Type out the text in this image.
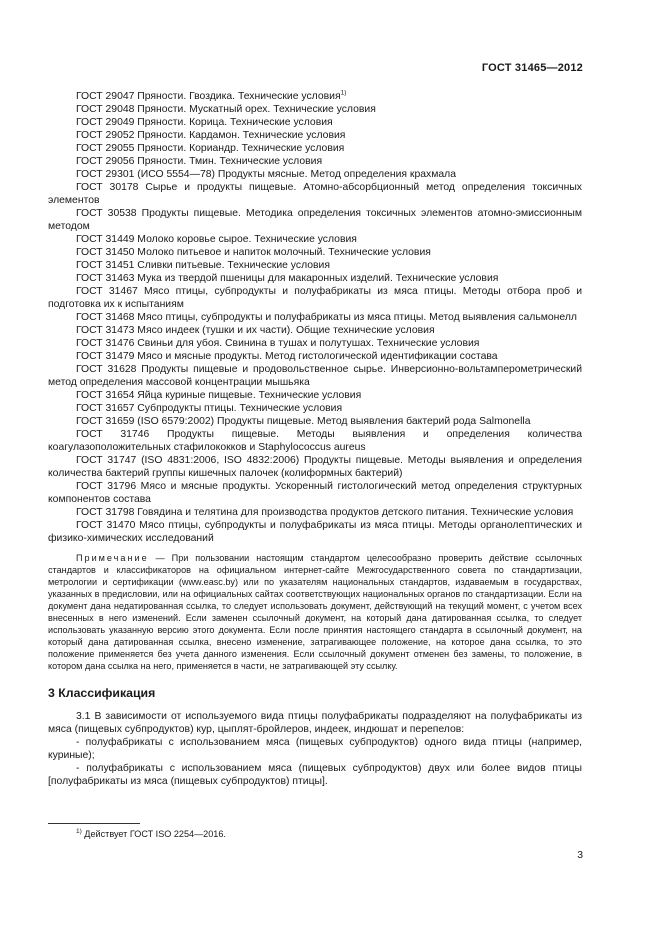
ГОСТ 31465—2012

ГОСТ 29047 Пряности. Гвоздика. Технические условия$^{1)}$

ГОСТ 29048 Пряности. Мускатный орех. Технические условия

ГОСТ 29049 Пряности. Корица. Технические условия

ГОСТ 29052 Пряности. Кардамон. Технические условия

ГОСТ 29055 Пряности. Кориандр. Технические условия

ГОСТ 29056 Пряности. Тмин. Технические условия

ГОСТ 29301 (ИСО 5554—78) Продукты мясные. Метод определения крахмала

ГОСТ 30178 Сырье и продукты пищевые. Атомно-абсорбционный метод определения токсичных элементов

ГОСТ 30538 Продукты пищевые. Методика определения токсичных элементов атомно-эмиссионным методом

ГОСТ 31449 Молоко коровье сырое. Технические условия

ГОСТ 31450 Молоко питьевое и напиток молочный. Технические условия

ГОСТ 31451 Сливки питьевые. Технические условия

ГОСТ 31463 Мука из твердой пшеницы для макаронных изделий. Технические условия

ГОСТ 31467 Мясо птицы, субпродукты и полуфабрикаты из мяса птицы. Методы отбора проб и подготовка их к испытаниям

ГОСТ 31468 Мясо птицы, субпродукты и полуфабрикаты из мяса птицы. Метод выявления сальмонелл

ГОСТ 31473 Мясо индеек (тушки и их части). Общие технические условия

ГОСТ 31476 Свиньи для убоя. Свинина в тушах и полутушах. Технические условия

ГОСТ 31479 Мясо и мясные продукты. Метод гистологической идентификации состава

ГОСТ 31628 Продукты пищевые и продовольственное сырье. Инверсионно-вольтамперометрический метод определения массовой концентрации мышьяка

ГОСТ 31654 Яйца куриные пищевые. Технические условия

ГОСТ 31657 Субпродукты птицы. Технические условия

ГОСТ 31659 (ISO 6579:2002) Продукты пищевые. Метод выявления бактерий рода Salmonella

ГОСТ 31746 Продукты пищевые. Методы выявления и определения количества коагулазоположительных стафилококков и Staphylococcus aureus

ГОСТ 31747 (ISO 4831:2006, ISO 4832:2006) Продукты пищевые. Методы выявления и определения количества бактерий группы кишечных палочек (колиформных бактерий)

ГОСТ 31796 Мясо и мясные продукты. Ускоренный гистологический метод определения структурных компонентов состава

ГОСТ 31798 Говядина и телятина для производства продуктов детского питания. Технические условия

ГОСТ 31470 Мясо птицы, субпродукты и полуфабрикаты из мяса птицы. Методы органолептических и физико-химических исследований

Примечание — При пользовании настоящим стандартом целесообразно проверить действие ссылочных стандартов и классификаторов на официальном интернет-сайте Межгосударственного совета по стандартизации, метрологии и сертификации (www.easc.by) или по указателям национальных стандартов, издаваемым в государствах, указанных в предисловии, или на официальных сайтах соответствующих национальных органов по стандартизации. Если на документ дана недатированная ссылка, то следует использовать документ, действующий на текущий момент, с учетом всех внесенных в него изменений. Если заменен ссылочный документ, на который дана датированная ссылка, то следует использовать указанную версию этого документа. Если после принятия настоящего стандарта в ссылочный документ, на который дана датированная ссылка, внесено изменение, затрагивающее положение, на которое дана ссылка, то это положение применяется без учета данного изменения. Если ссылочный документ отменен без замены, то положение, в котором дана ссылка на него, применяется в части, не затрагивающей эту ссылку.

3 Классификация

3.1 В зависимости от используемого вида птицы полуфабрикаты подразделяют на полуфабрикаты из мяса (пищевых субпродуктов) кур, цыплят-бройлеров, индеек, индюшат и перепелов:

- полуфабрикаты с использованием мяса (пищевых субпродуктов) одного вида птицы (например, куриные);

- полуфабрикаты с использованием мяса (пищевых субпродуктов) двух или более видов птицы [полуфабрикаты из мяса (пищевых субпродуктов) птицы].

$^{1)}$ Действует ГОСТ ISO 2254—2016.
3
